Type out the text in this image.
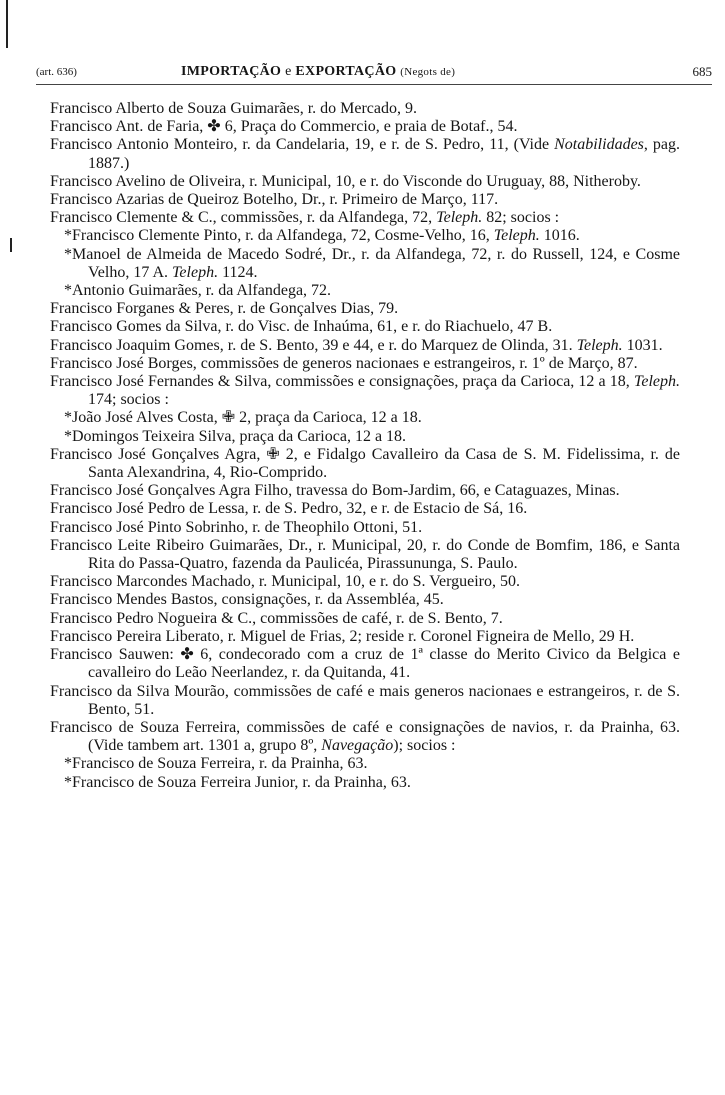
(art. 636)	IMPORTAÇÃO e EXPORTAÇÃO (Negots de)	685
Francisco Alberto de Souza Guimarães, r. do Mercado, 9.
Francisco Ant. de Faria, ✤ 6, Praça do Commercio, e praia de Botaf., 54.
Francisco Antonio Monteiro, r. da Candelaria, 19, e r. de S. Pedro, 11, (Vide Notabilidades, pag. 1887.)
Francisco Avelino de Oliveira, r. Municipal, 10, e r. do Visconde do Uruguay, 88, Nitheroby.
Francisco Azarias de Queiroz Botelho, Dr., r. Primeiro de Março, 117.
Francisco Clemente & C., commissões, r. da Alfandega, 72, Teleph. 82; socios :
*Francisco Clemente Pinto, r. da Alfandega, 72, Cosme-Velho, 16, Teleph. 1016.
*Manoel de Almeida de Macedo Sodré, Dr., r. da Alfandega, 72, r. do Russell, 124, e Cosme Velho, 17 A. Teleph. 1124.
*Antonio Guimarães, r. da Alfandega, 72.
Francisco Forganes & Peres, r. de Gonçalves Dias, 79.
Francisco Gomes da Silva, r. do Visc. de Inhaúma, 61, e r. do Riachuelo, 47 B.
Francisco Joaquim Gomes, r. de S. Bento, 39 e 44, e r. do Marquez de Olinda, 31. Teleph. 1031.
Francisco José Borges, commissões de generos nacionaes e estrangeiros, r. 1º de Março, 87.
Francisco José Fernandes & Silva, commissões e consignações, praça da Carioca, 12 a 18, Teleph. 174; socios :
*João José Alves Costa, ✙ 2, praça da Carioca, 12 a 18.
*Domingos Teixeira Silva, praça da Carioca, 12 a 18.
Francisco José Gonçalves Agra, ✙ 2, e Fidalgo Cavalleiro da Casa de S. M. Fidelissima, r. de Santa Alexandrina, 4, Rio-Comprido.
Francisco José Gonçalves Agra Filho, travessa do Bom-Jardim, 66, e Cataguazes, Minas.
Francisco José Pedro de Lessa, r. de S. Pedro, 32, e r. de Estacio de Sá, 16.
Francisco José Pinto Sobrinho, r. de Theophilo Ottoni, 51.
Francisco Leite Ribeiro Guimarães, Dr., r. Municipal, 20, r. do Conde de Bomfim, 186, e Santa Rita do Passa-Quatro, fazenda da Paulicéa, Pirassununga, S. Paulo.
Francisco Marcondes Machado, r. Municipal, 10, e r. do S. Vergueiro, 50.
Francisco Mendes Bastos, consignações, r. da Assembléa, 45.
Francisco Pedro Nogueira & C., commissões de café, r. de S. Bento, 7.
Francisco Pereira Liberato, r. Miguel de Frias, 2; reside r. Coronel Figneira de Mello, 29 H.
Francisco Sauwen: ✤ 6, condecorado com a cruz de 1ª classe do Merito Civico da Belgica e cavalleiro do Leão Neerlandez, r. da Quitanda, 41.
Francisco da Silva Mourão, commissões de café e mais generos nacionaes e estrangeiros, r. de S. Bento, 51.
Francisco de Souza Ferreira, commissões de café e consignações de navios, r. da Prainha, 63. (Vide tambem art. 1301 a, grupo 8º, Navegação); socios :
*Francisco de Souza Ferreira, r. da Prainha, 63.
*Francisco de Souza Ferreira Junior, r. da Prainha, 63.
